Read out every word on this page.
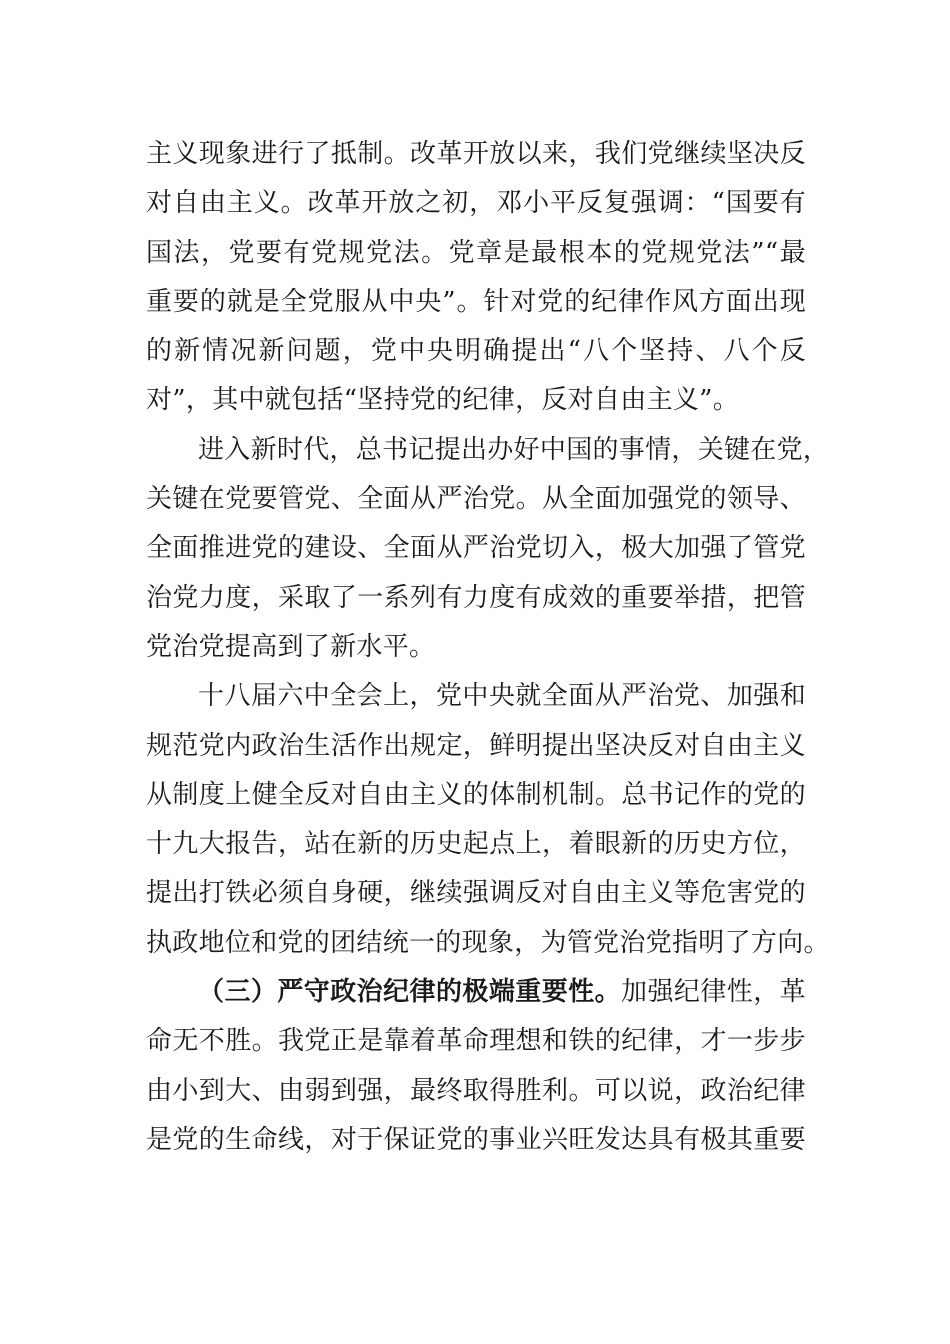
主义现象进行了抵制。改革开放以来，我们党继续坚决反
对自由主义。改革开放之初，邓小平反复强调：“国要有
国法，党要有党规党法。党章是最根本的党规党法”“最
重要的就是全党服从中央”。针对党的纪律作风方面出现
的新情况新问题，党中央明确提出“八个坚持、八个反
对”，其中就包括“坚持党的纪律，反对自由主义”。
进入新时代，总书记提出办好中国的事情，关键在党，
关键在党要管党、全面从严治党。从全面加强党的领导、
全面推进党的建设、全面从严治党切入，极大加强了管党
治党力度，采取了一系列有力度有成效的重要举措，把管
党治党提高到了新水平。
十八届六中全会上，党中央就全面从严治党、加强和
规范党内政治生活作出规定，鲜明提出坚决反对自由主义
从制度上健全反对自由主义的体制机制。总书记作的党的
十九大报告，站在新的历史起点上，着眼新的历史方位，
提出打铁必须自身硬，继续强调反对自由主义等危害党的
执政地位和党的团结统一的现象，为管党治党指明了方向。
（三）严守政治纪律的极端重要性。加强纪律性，革
命无不胜。我党正是靠着革命理想和铁的纪律，才一步步
由小到大、由弱到强，最终取得胜利。可以说，政治纪律
是党的生命线，对于保证党的事业兴旺发达具有极其重要
